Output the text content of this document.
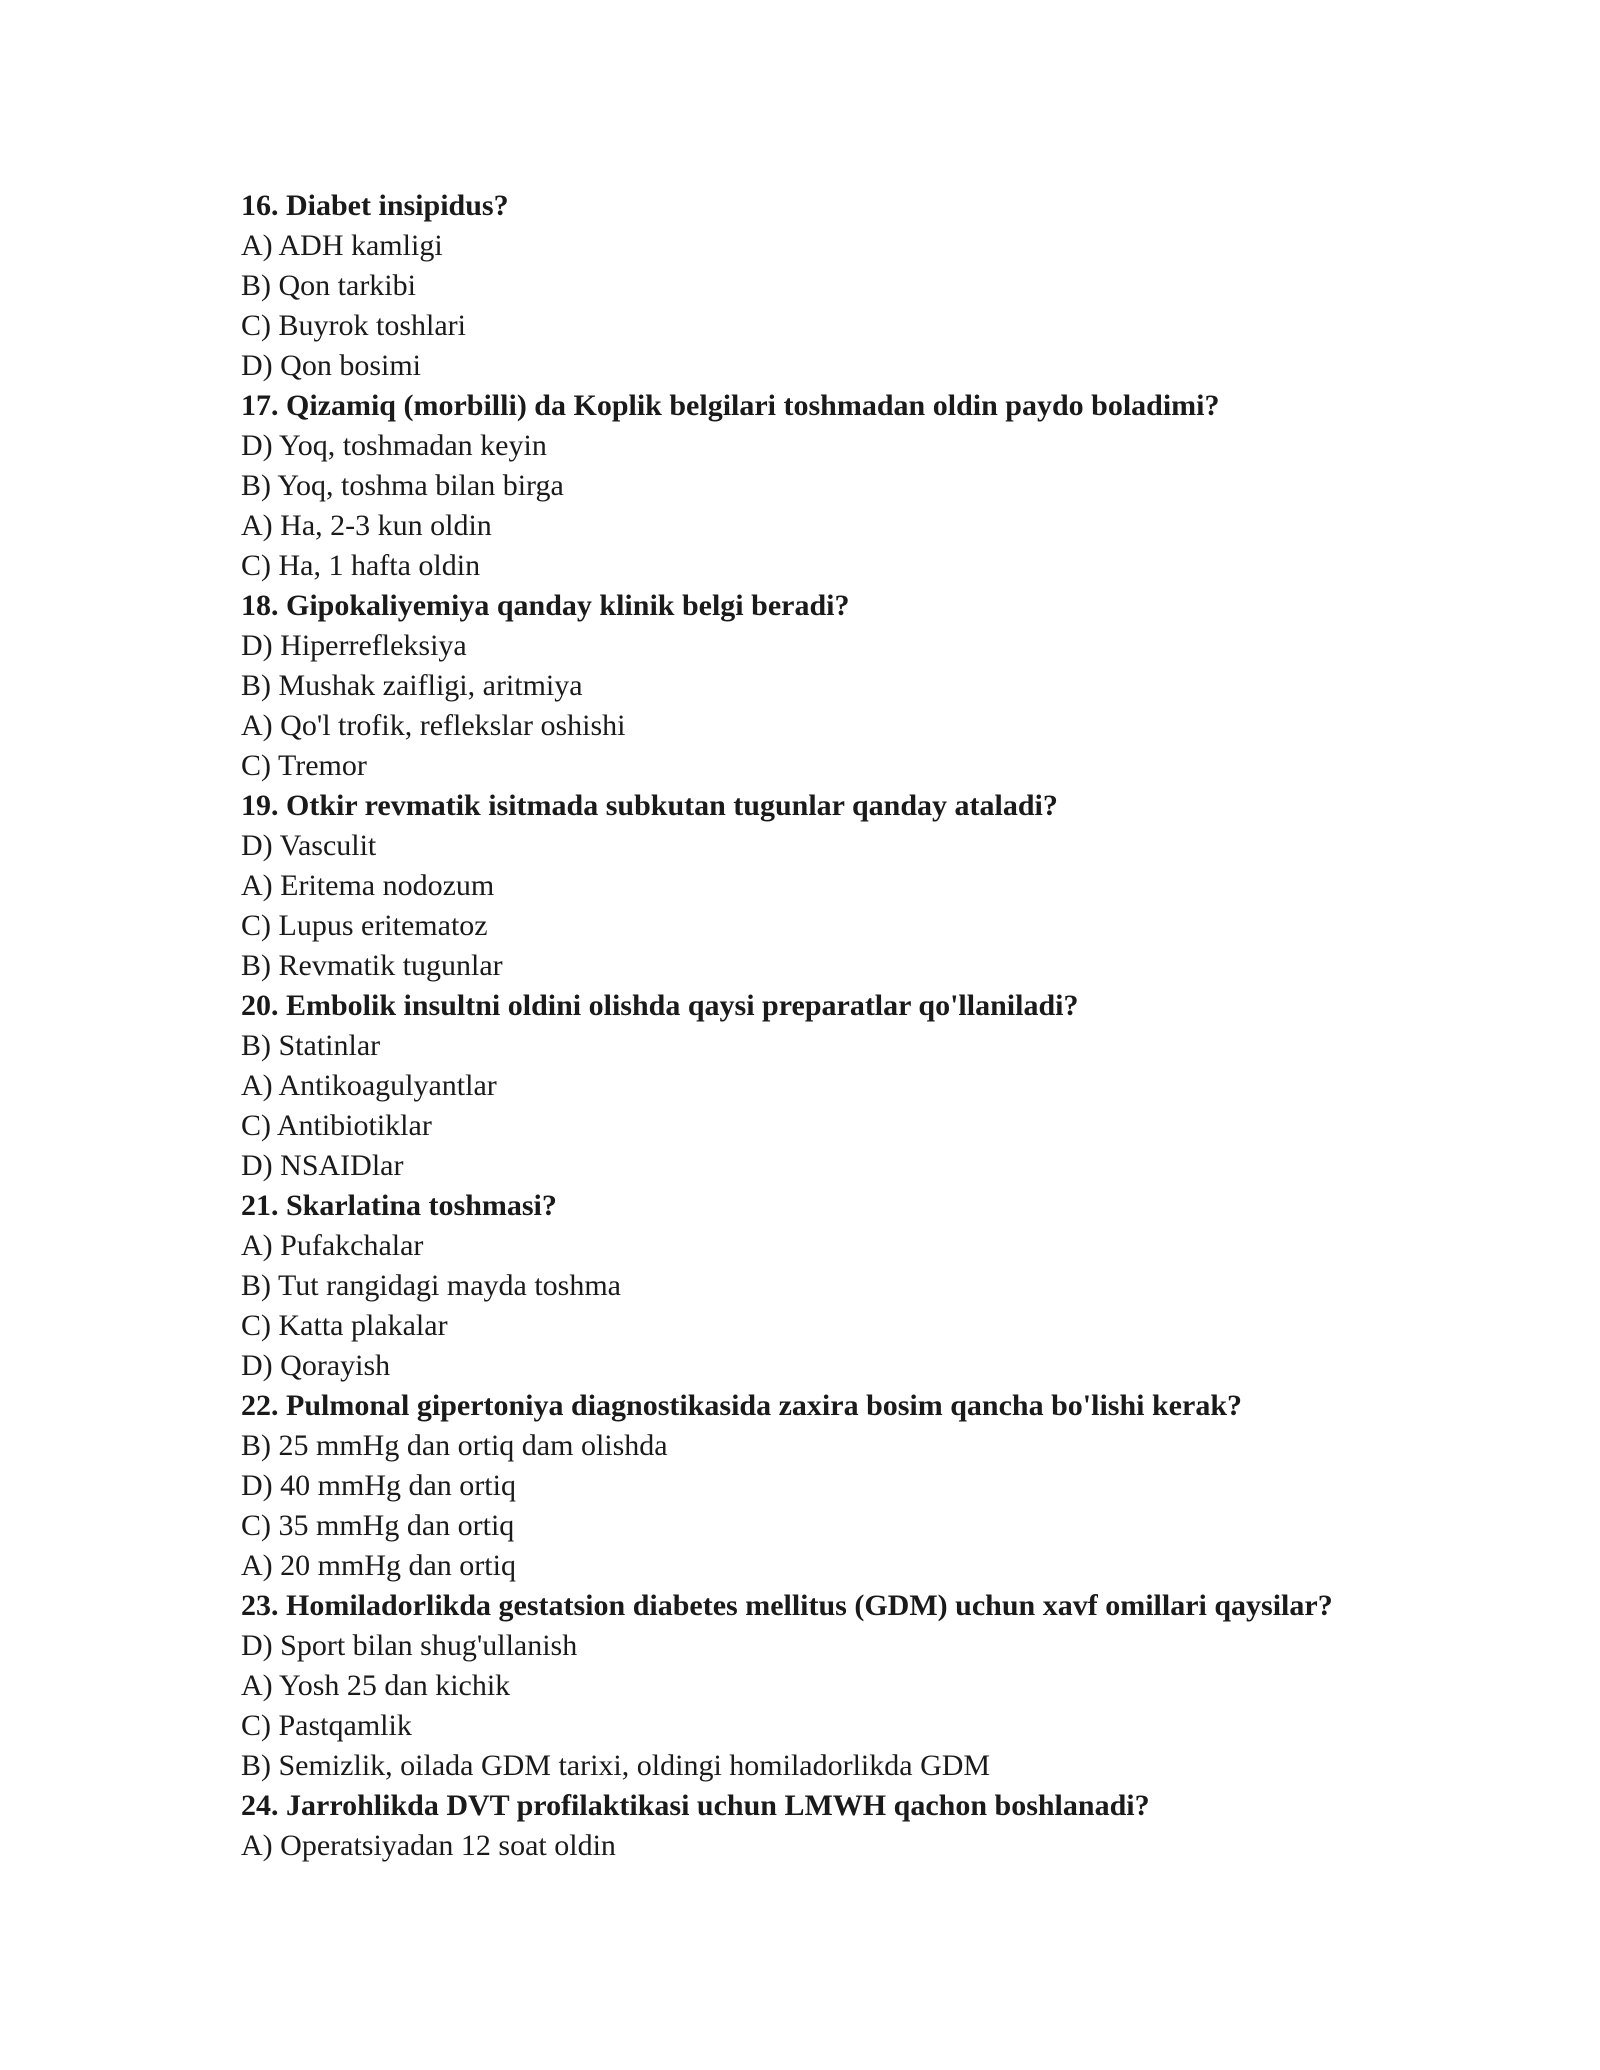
16. Diabet insipidus?
A) ADH kamligi
B) Qon tarkibi
C) Buyrok toshlari
D) Qon bosimi
17. Qizamiq (morbilli) da Koplik belgilari toshmadan oldin paydo boladimi?
D) Yoq, toshmadan keyin
B) Yoq, toshma bilan birga
A) Ha, 2-3 kun oldin
C) Ha, 1 hafta oldin
18. Gipokaliyemiya qanday klinik belgi beradi?
D) Hiperrefleksiya
B) Mushak zaifligi, aritmiya
A) Qo'l trofik, reflekslar oshishi
C) Tremor
19. Otkir revmatik isitmada subkutan tugunlar qanday ataladi?
D) Vasculit
A) Eritema nodozum
C) Lupus eritematoz
B) Revmatik tugunlar
20. Embolik insultni oldini olishda qaysi preparatlar qo'llaniladi?
B) Statinlar
A) Antikoagulyantlar
C) Antibiotiklar
D) NSAIDlar
21. Skarlatina toshmasi?
A) Pufakchalar
B) Tut rangidagi mayda toshma
C) Katta plakalar
D) Qorayish
22. Pulmonal gipertoniya diagnostikasida zaxira bosim qancha bo'lishi kerak?
B) 25 mmHg dan ortiq dam olishda
D) 40 mmHg dan ortiq
C) 35 mmHg dan ortiq
A) 20 mmHg dan ortiq
23. Homiladorlikda gestatsion diabetes mellitus (GDM) uchun xavf omillari qaysilar?
D) Sport bilan shug'ullanish
A) Yosh 25 dan kichik
C) Pastqamlik
B) Semizlik, oilada GDM tarixi, oldingi homiladorlikda GDM
24. Jarrohlikda DVT profilaktikasi uchun LMWH qachon boshlanadi?
A) Operatsiyadan 12 soat oldin
